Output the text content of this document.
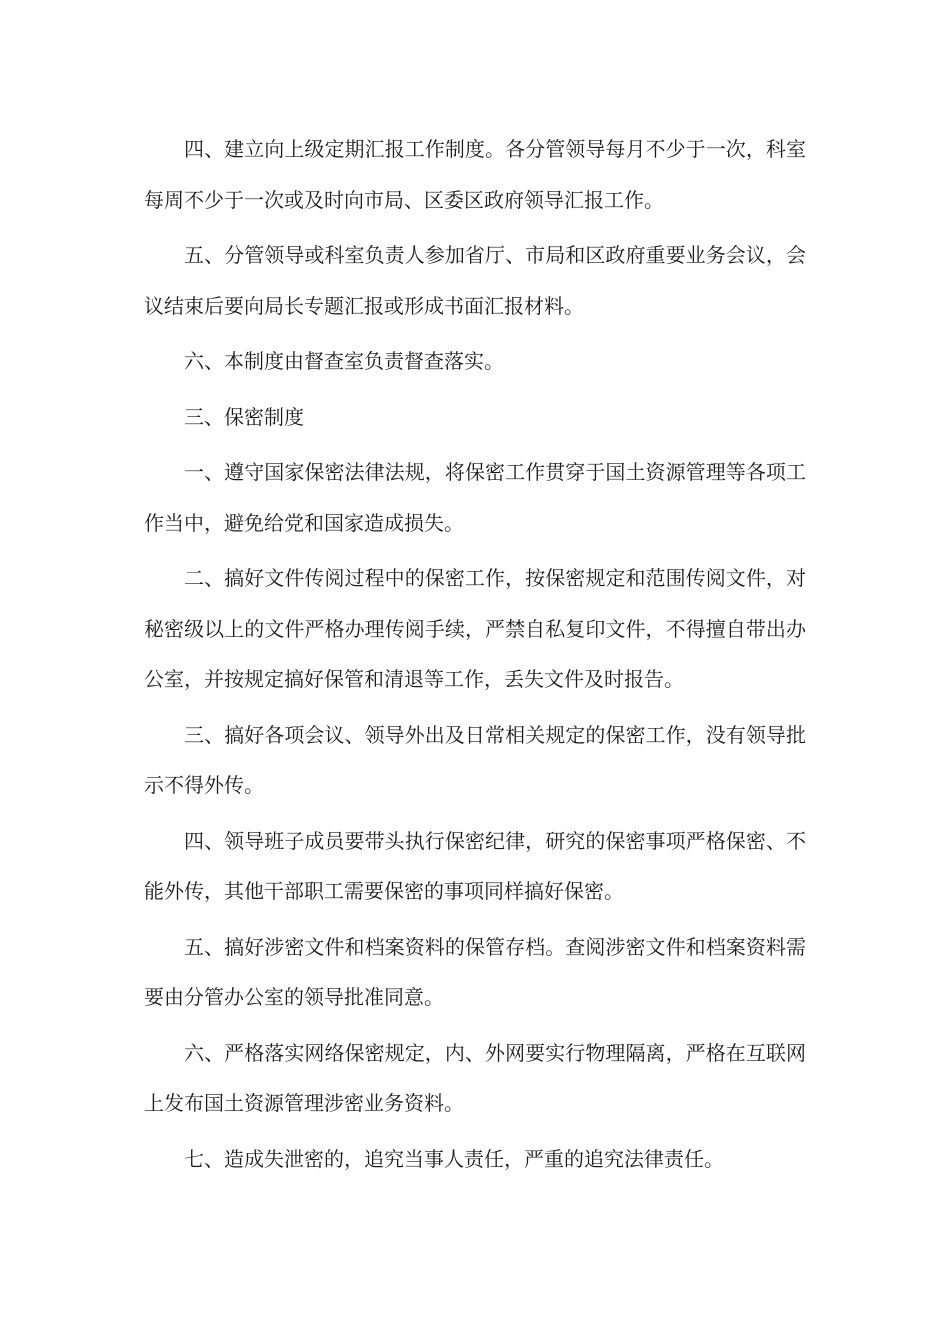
四、建立向上级定期汇报工作制度。各分管领导每月不少于一次，科室每周不少于一次或及时向市局、区委区政府领导汇报工作。

五、分管领导或科室负责人参加省厅、市局和区政府重要业务会议，会议结束后要向局长专题汇报或形成书面汇报材料。

六、本制度由督查室负责督查落实。

三、保密制度

一、遵守国家保密法律法规，将保密工作贯穿于国土资源管理等各项工作当中，避免给党和国家造成损失。

二、搞好文件传阅过程中的保密工作，按保密规定和范围传阅文件，对秘密级以上的文件严格办理传阅手续，严禁自私复印文件，不得擅自带出办公室，并按规定搞好保管和清退等工作，丢失文件及时报告。

三、搞好各项会议、领导外出及日常相关规定的保密工作，没有领导批示不得外传。

四、领导班子成员要带头执行保密纪律，研究的保密事项严格保密、不能外传，其他干部职工需要保密的事项同样搞好保密。

五、搞好涉密文件和档案资料的保管存档。查阅涉密文件和档案资料需要由分管办公室的领导批准同意。

六、严格落实网络保密规定，内、外网要实行物理隔离，严格在互联网上发布国土资源管理涉密业务资料。

七、造成失泄密的，追究当事人责任，严重的追究法律责任。
